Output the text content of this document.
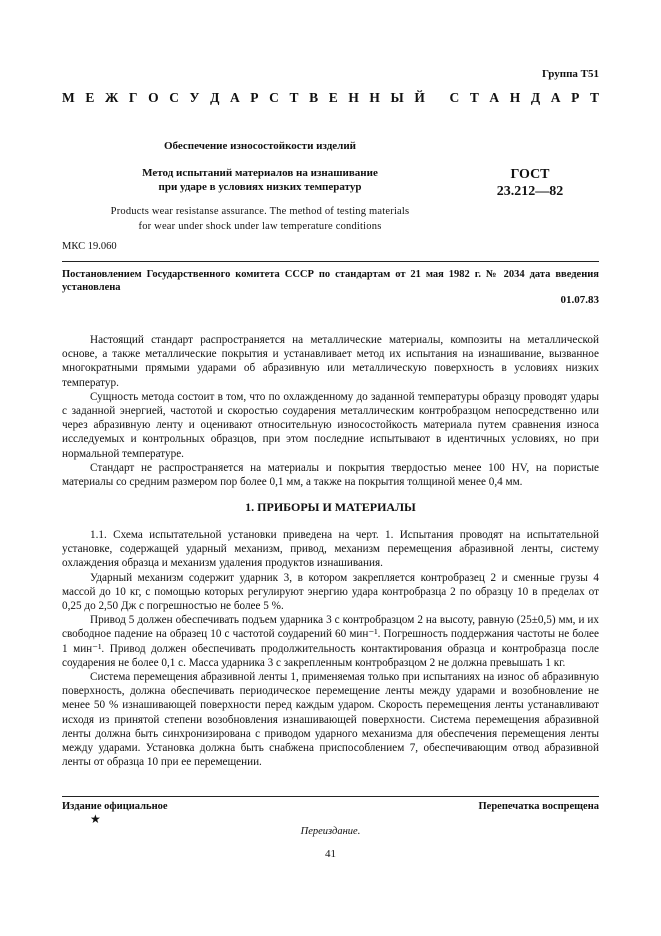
Группа Т51
М Е Ж Г О С У Д А Р С Т В Е Н Н Ы Й
С Т А Н Д А Р Т
Обеспечение износостойкости изделий
Метод испытаний материалов на изнашивание
при ударе в условиях низких температур
ГОСТ
23.212—82
Products wear resistanse assurance. The method of testing materials
for wear under shock under law temperature conditions
МКС 19.060
Постановлением Государственного комитета СССР по стандартам от 21 мая 1982 г. № 2034 дата введения установлена
01.07.83

Настоящий стандарт распространяется на металлические материалы, композиты на металлической основе, а также металлические покрытия и устанавливает метод их испытания на изнашивание, вызванное многократными прямыми ударами об абразивную или металлическую поверхность в условиях низких температур.

Сущность метода состоит в том, что по охлажденному до заданной температуры образцу проводят удары с заданной энергией, частотой и скоростью соударения металлическим контробразцом непосредственно или через абразивную ленту и оценивают относительную износостойкость материала путем сравнения износа исследуемых и контрольных образцов, при этом последние испытывают в идентичных условиях, но при нормальной температуре.

Стандарт не распространяется на материалы и покрытия твердостью менее 100 HV, на пористые материалы со средним размером пор более 0,1 мм, а также на покрытия толщиной менее 0,4 мм.

1. ПРИБОРЫ И МАТЕРИАЛЫ

1.1. Схема испытательной установки приведена на черт. 1. Испытания проводят на испытательной установке, содержащей ударный механизм, привод, механизм перемещения абразивной ленты, систему охлаждения образца и механизм удаления продуктов изнашивания.

Ударный механизм содержит ударник 3, в котором закрепляется контробразец 2 и сменные грузы 4 массой до 10 кг, с помощью которых регулируют энергию удара контробразца 2 по образцу 10 в пределах от 0,25 до 2,50 Дж с погрешностью не более 5 %.

Привод 5 должен обеспечивать подъем ударника 3 с контробразцом 2 на высоту, равную (25±0,5) мм, и их свободное падение на образец 10 с частотой соударений 60 мин⁻¹. Погрешность поддержания частоты не более 1 мин⁻¹. Привод должен обеспечивать продолжительность контактирования образца и контробразца после соударения не более 0,1 с. Масса ударника 3 с закрепленным контробразцом 2 не должна превышать 1 кг.

Система перемещения абразивной ленты 1, применяемая только при испытаниях на износ об абразивную поверхность, должна обеспечивать периодическое перемещение ленты между ударами и возобновление не менее 50 % изнашивающей поверхности перед каждым ударом. Скорость перемещения ленты устанавливают исходя из принятой степени возобновления изнашивающей поверхности. Система перемещения абразивной ленты должна быть синхронизирована с приводом ударного механизма для обеспечения перемещения ленты между ударами. Установка должна быть снабжена приспособлением 7, обеспечивающим отвод абразивной ленты от образца 10 при ее перемещении.

Издание официальное	Перепечатка воспрещена
★
Переиздание.
41
